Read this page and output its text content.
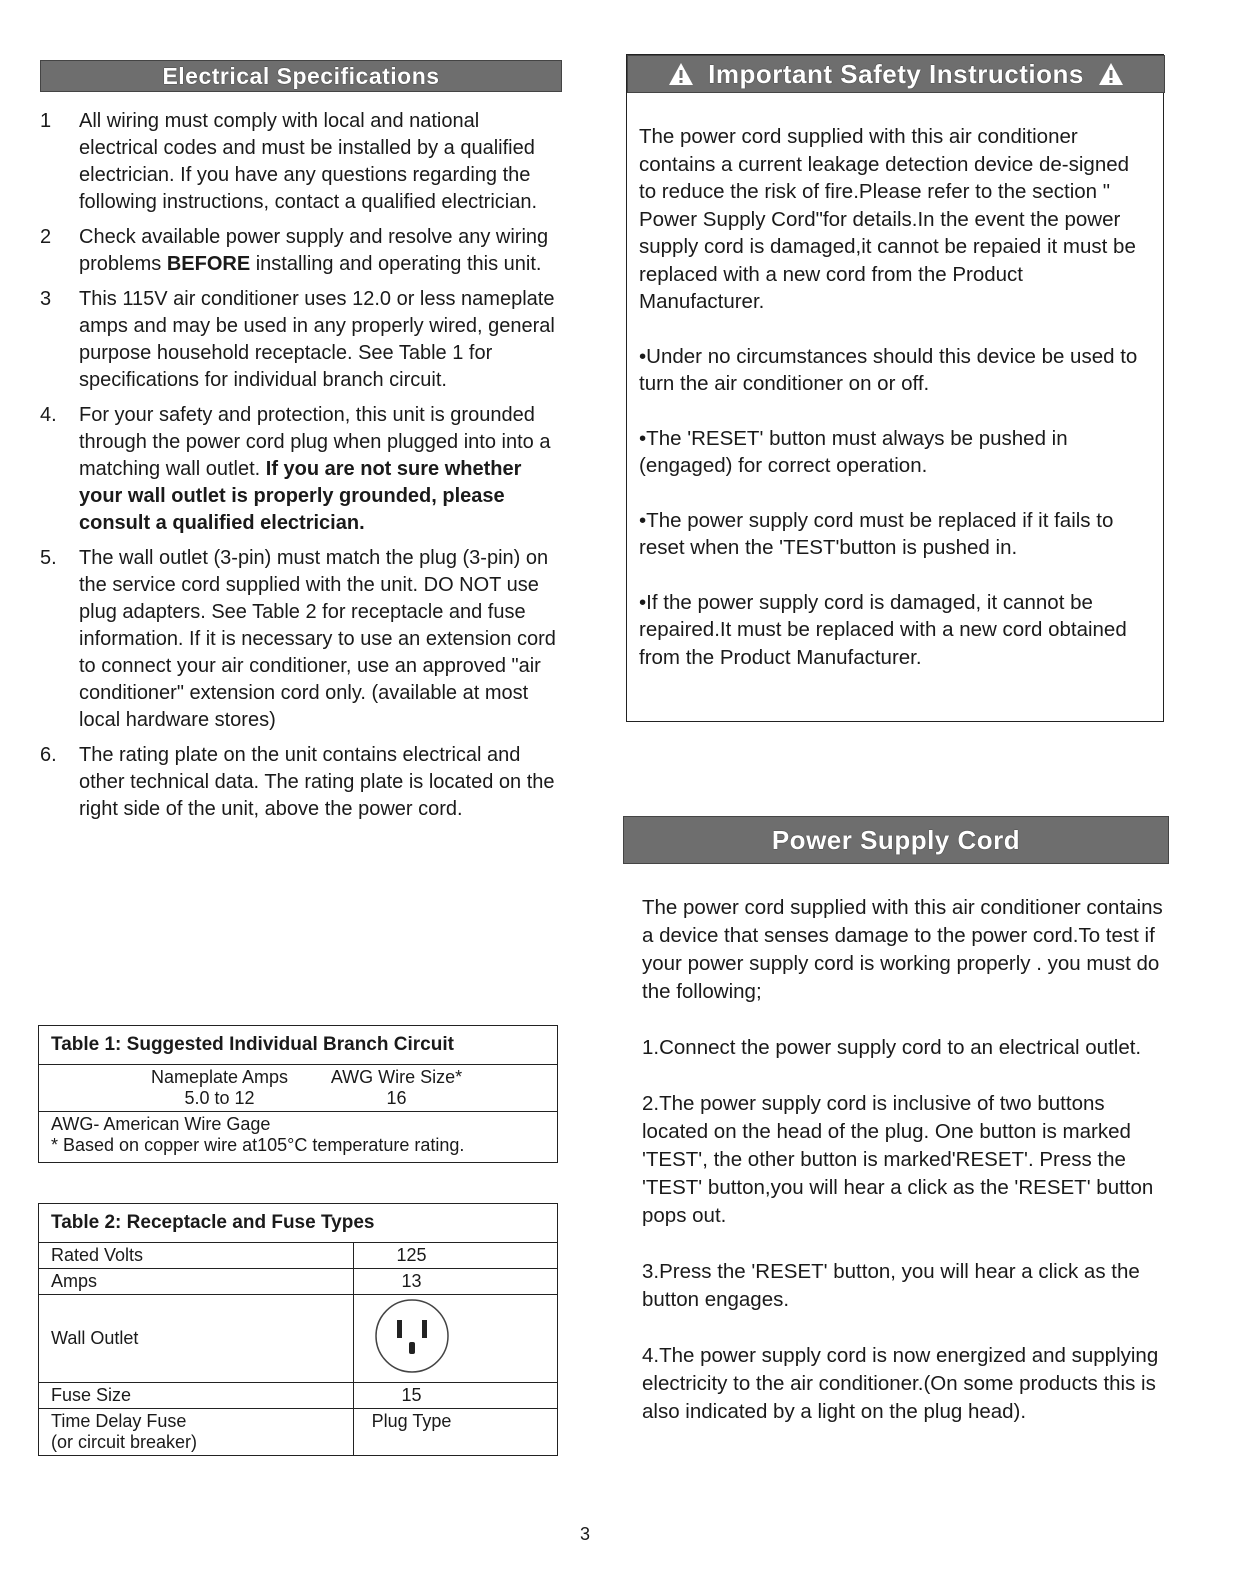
Electrical Specifications
1	All wiring must comply with local and national electrical codes and must be installed by a qualified electrician. If you have any questions regarding the following instructions, contact a qualified electrician.
2	Check available power supply and resolve any wiring problems BEFORE installing and operating this unit.
3	This 115V air conditioner uses 12.0 or less nameplate amps and may be used in any properly wired, general purpose household receptacle. See Table 1 for specifications for individual branch circuit.
4.	For your safety and protection, this unit is grounded through the power cord plug when plugged into into a matching wall outlet. If you are not sure whether your wall outlet is properly grounded, please consult a qualified electrician.
5.	The wall outlet (3-pin) must match the plug (3-pin) on the service cord supplied with the unit. DO NOT use plug adapters. See Table 2 for receptacle and fuse information. If it is necessary to use an extension cord to connect your air conditioner, use an approved "air conditioner" extension cord only. (available at most local hardware stores)
6.	The rating plate on the unit contains electrical and other technical data. The rating plate is located on the right side of the unit, above the power cord.
Table 1: Suggested Individual Branch Circuit

Nameplate Amps	AWG Wire Size*
5.0 to 12	16

AWG- American Wire Gage
* Based on copper wire at105°C temperature rating.
Table 2: Receptacle and Fuse Types	
Rated Volts	125
Amps	13
Wall Outlet	
Fuse Size	15

Time Delay Fuse
(or circuit breaker)	Plug Type
Important Safety Instructions

The power cord supplied with this air conditioner contains a current leakage detection device de-signed to reduce the risk of fire.Please refer to the section " Power Supply Cord"for details.In the event the power supply cord is damaged,it cannot be repaied it must be replaced with a new cord from the Product Manufacturer.

•Under no circumstances should this device be used to turn the air conditioner on or off.

•The 'RESET' button must always be pushed in (engaged) for correct operation.

•The power supply cord must be replaced if it fails to reset when the 'TEST'button is pushed in.

•If the power supply cord is damaged, it cannot be repaired.It must be replaced with a new cord obtained from the Product Manufacturer.

Power Supply Cord

The power cord supplied with this air conditioner contains a device that senses damage to the power cord.To test if your power supply cord is working properly . you must do the following;

1.Connect the power supply cord to an electrical outlet.

2.The power supply cord is inclusive of two buttons located on the head of the plug. One button is marked 'TEST', the other button is marked'RESET'. Press the 'TEST' button,you will hear a click as the 'RESET' button pops out.

3.Press the 'RESET' button, you will hear a click as the button engages.

4.The power supply cord is now energized and supplying electricity to the air conditioner.(On some products this is also indicated by a light on the plug head).

3
